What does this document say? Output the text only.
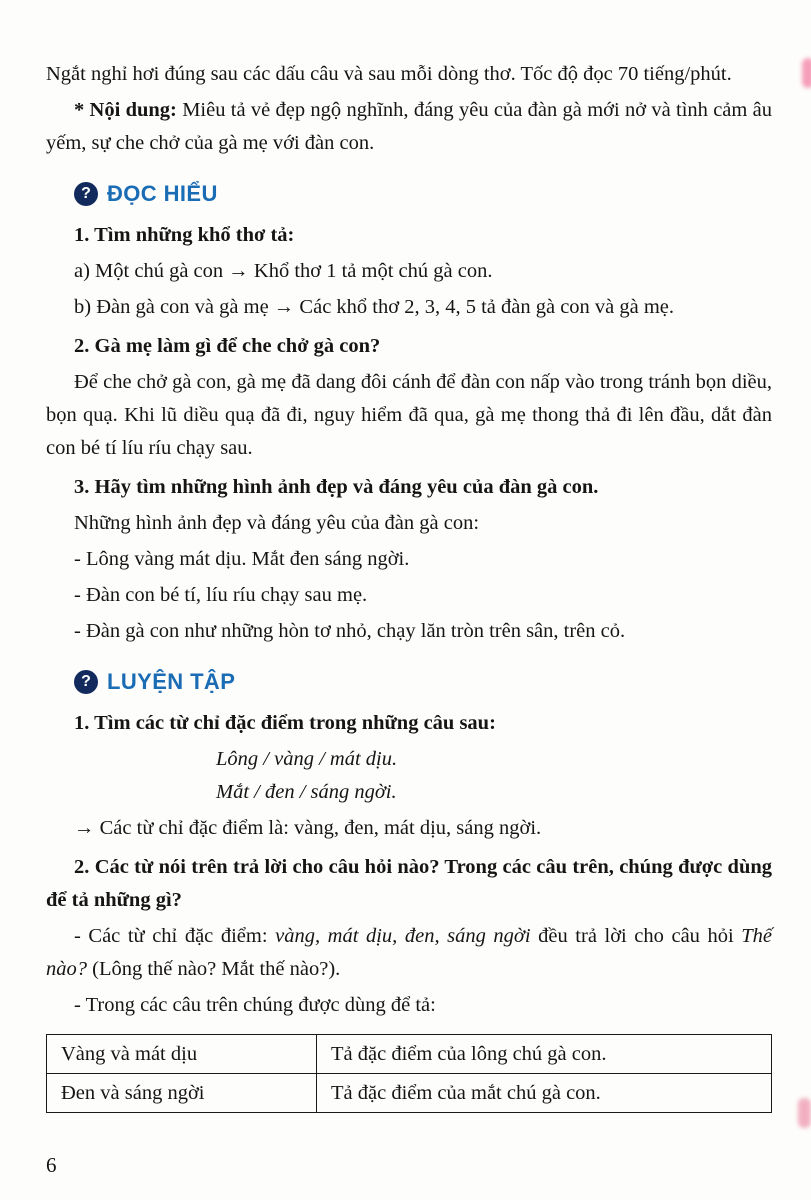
Ngắt nghỉ hơi đúng sau các dấu câu và sau mỗi dòng thơ. Tốc độ đọc 70 tiếng/phút.

* Nội dung: Miêu tả vẻ đẹp ngộ nghĩnh, đáng yêu của đàn gà mới nở và tình cảm âu yếm, sự che chở của gà mẹ với đàn con.

? ĐỌC HIỂU

1. Tìm những khổ thơ tả:

a) Một chú gà con → Khổ thơ 1 tả một chú gà con.

b) Đàn gà con và gà mẹ → Các khổ thơ 2, 3, 4, 5 tả đàn gà con và gà mẹ.

2. Gà mẹ làm gì để che chở gà con?

Để che chở gà con, gà mẹ đã dang đôi cánh để đàn con nấp vào trong tránh bọn diều, bọn quạ. Khi lũ diều quạ đã đi, nguy hiểm đã qua, gà mẹ thong thả đi lên đầu, dắt đàn con bé tí líu ríu chạy sau.

3. Hãy tìm những hình ảnh đẹp và đáng yêu của đàn gà con.

Những hình ảnh đẹp và đáng yêu của đàn gà con:

- Lông vàng mát dịu. Mắt đen sáng ngời.

- Đàn con bé tí, líu ríu chạy sau mẹ.

- Đàn gà con như những hòn tơ nhỏ, chạy lăn tròn trên sân, trên cỏ.

? LUYỆN TẬP

1. Tìm các từ chỉ đặc điểm trong những câu sau:

Lông / vàng / mát dịu.

Mắt / đen / sáng ngời.

→ Các từ chỉ đặc điểm là: vàng, đen, mát dịu, sáng ngời.

2. Các từ nói trên trả lời cho câu hỏi nào? Trong các câu trên, chúng được dùng để tả những gì?

- Các từ chỉ đặc điểm: vàng, mát dịu, đen, sáng ngời đều trả lời cho câu hỏi Thế nào? (Lông thế nào? Mắt thế nào?).

- Trong các câu trên chúng được dùng để tả:

Vàng và mát dịu	Tả đặc điểm của lông chú gà con.
Đen và sáng ngời	Tả đặc điểm của mắt chú gà con.
6
